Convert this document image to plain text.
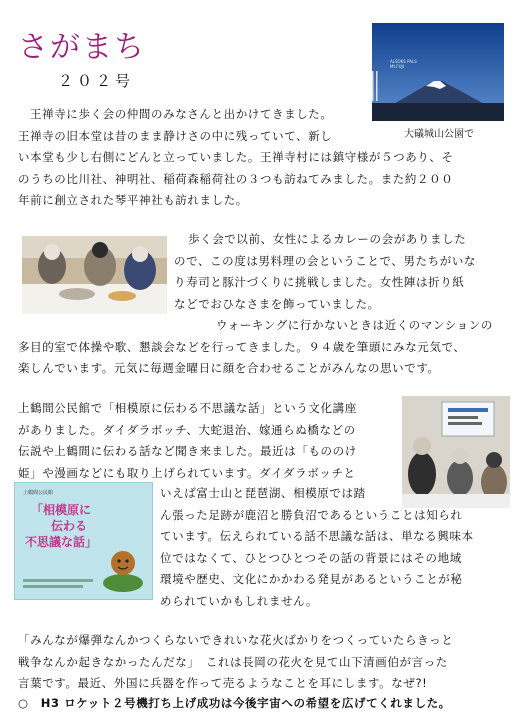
さがまち
２０２号
ALSOKS PALS Mt.FUJI
大礒城山公園で

王禅寺に歩く会の仲間のみなさんと出かけてきました。

王禅寺の旧本堂は昔のまま静けさの中に残っていて、新し

い本堂も少し右側にどんと立っていました。王禅寺村には鎮守様が５つあり、そ

のうちの比川社、神明社、稲荷森稲荷社の３つも訪ねてみました。また約２００

年前に創立された琴平神社も訪れました。

歩く会で以前、女性によるカレーの会がありました

ので、この度は男料理の会ということで、男たちがいな

り寿司と豚汁づくりに挑戦しました。女性陣は折り紙

などでおひなさまを飾っていました。

ウォーキングに行かないときは近くのマンションの

多目的室で体操や歌、懇談会などを行ってきました。９４歳を筆頭にみな元気で、

楽しんでいます。元気に毎週金曜日に顔を合わせることがみんなの思いです。

上鶴間公民館で「相模原に伝わる不思議な話」という文化講座

がありました。ダイダラボッチ、大蛇退治、嫁通らぬ橋などの

伝説や上鶴間に伝わる話など聞き来ました。最近は「もののけ

姫」や漫画などにも取り上げられています。ダイダラボッチと

上鶴間公民館
「相模原に
伝わる
不思議な話」

いえば富士山と琵琶湖、相模原では踏

ん張った足跡が鹿沼と勝負沼であるということは知られ

ています。伝えられている話不思議な話は、単なる興味本

位ではなくて、ひとつひとつその話の背景にはその地域

環境や歴史、文化にかかわる発見があるということが秘

められていかもしれません。

「みんなが爆弾なんかつくらないできれいな花火ばかりをつくっていたらきっと

戦争なんか起きなかったんだな」　これは長岡の花火を見て山下清画伯が言った

言葉です。最近、外国に兵器を作って売るようなことを耳にします。なぜ?!

○　H3 ロケット２号機打ち上げ成功は今後宇宙への希望を広げてくれました。
